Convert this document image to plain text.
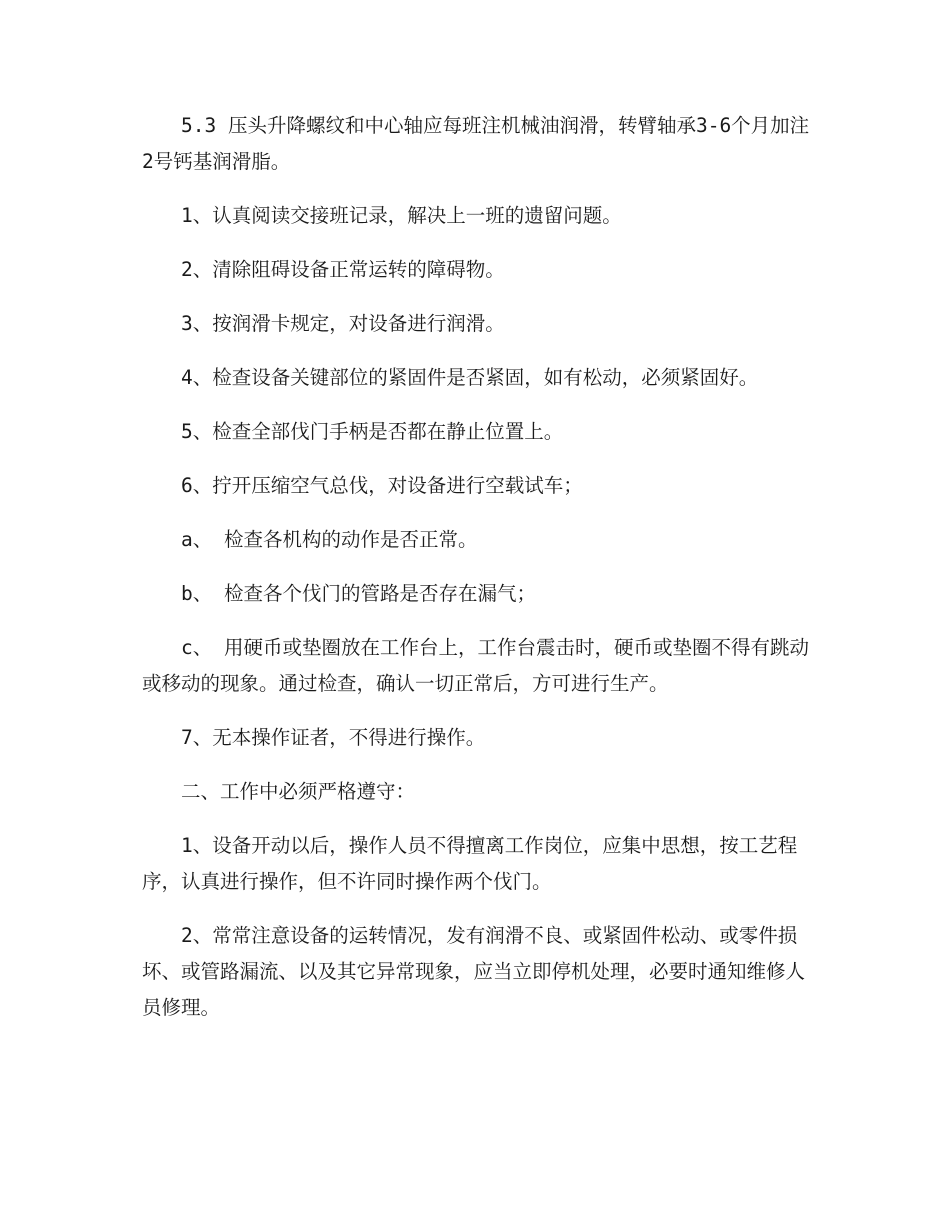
5.3 压头升降螺纹和中心轴应每班注机械油润滑，转臂轴承3-6个月加注2号钙基润滑脂。

1、认真阅读交接班记录，解决上一班的遗留问题。

2、清除阻碍设备正常运转的障碍物。

3、按润滑卡规定，对设备进行润滑。

4、检查设备关键部位的紧固件是否紧固，如有松动，必须紧固好。

5、检查全部伐门手柄是否都在静止位置上。

6、拧开压缩空气总伐，对设备进行空载试车；

a、 检查各机构的动作是否正常。

b、 检查各个伐门的管路是否存在漏气；

c、 用硬币或垫圈放在工作台上，工作台震击时，硬币或垫圈不得有跳动或移动的现象。通过检查，确认一切正常后，方可进行生产。

7、无本操作证者，不得进行操作。

二、工作中必须严格遵守：

1、设备开动以后，操作人员不得擅离工作岗位，应集中思想，按工艺程序，认真进行操作，但不许同时操作两个伐门。

2、常常注意设备的运转情况，发有润滑不良、或紧固件松动、或零件损坏、或管路漏流、以及其它异常现象，应当立即停机处理，必要时通知维修人员修理。
